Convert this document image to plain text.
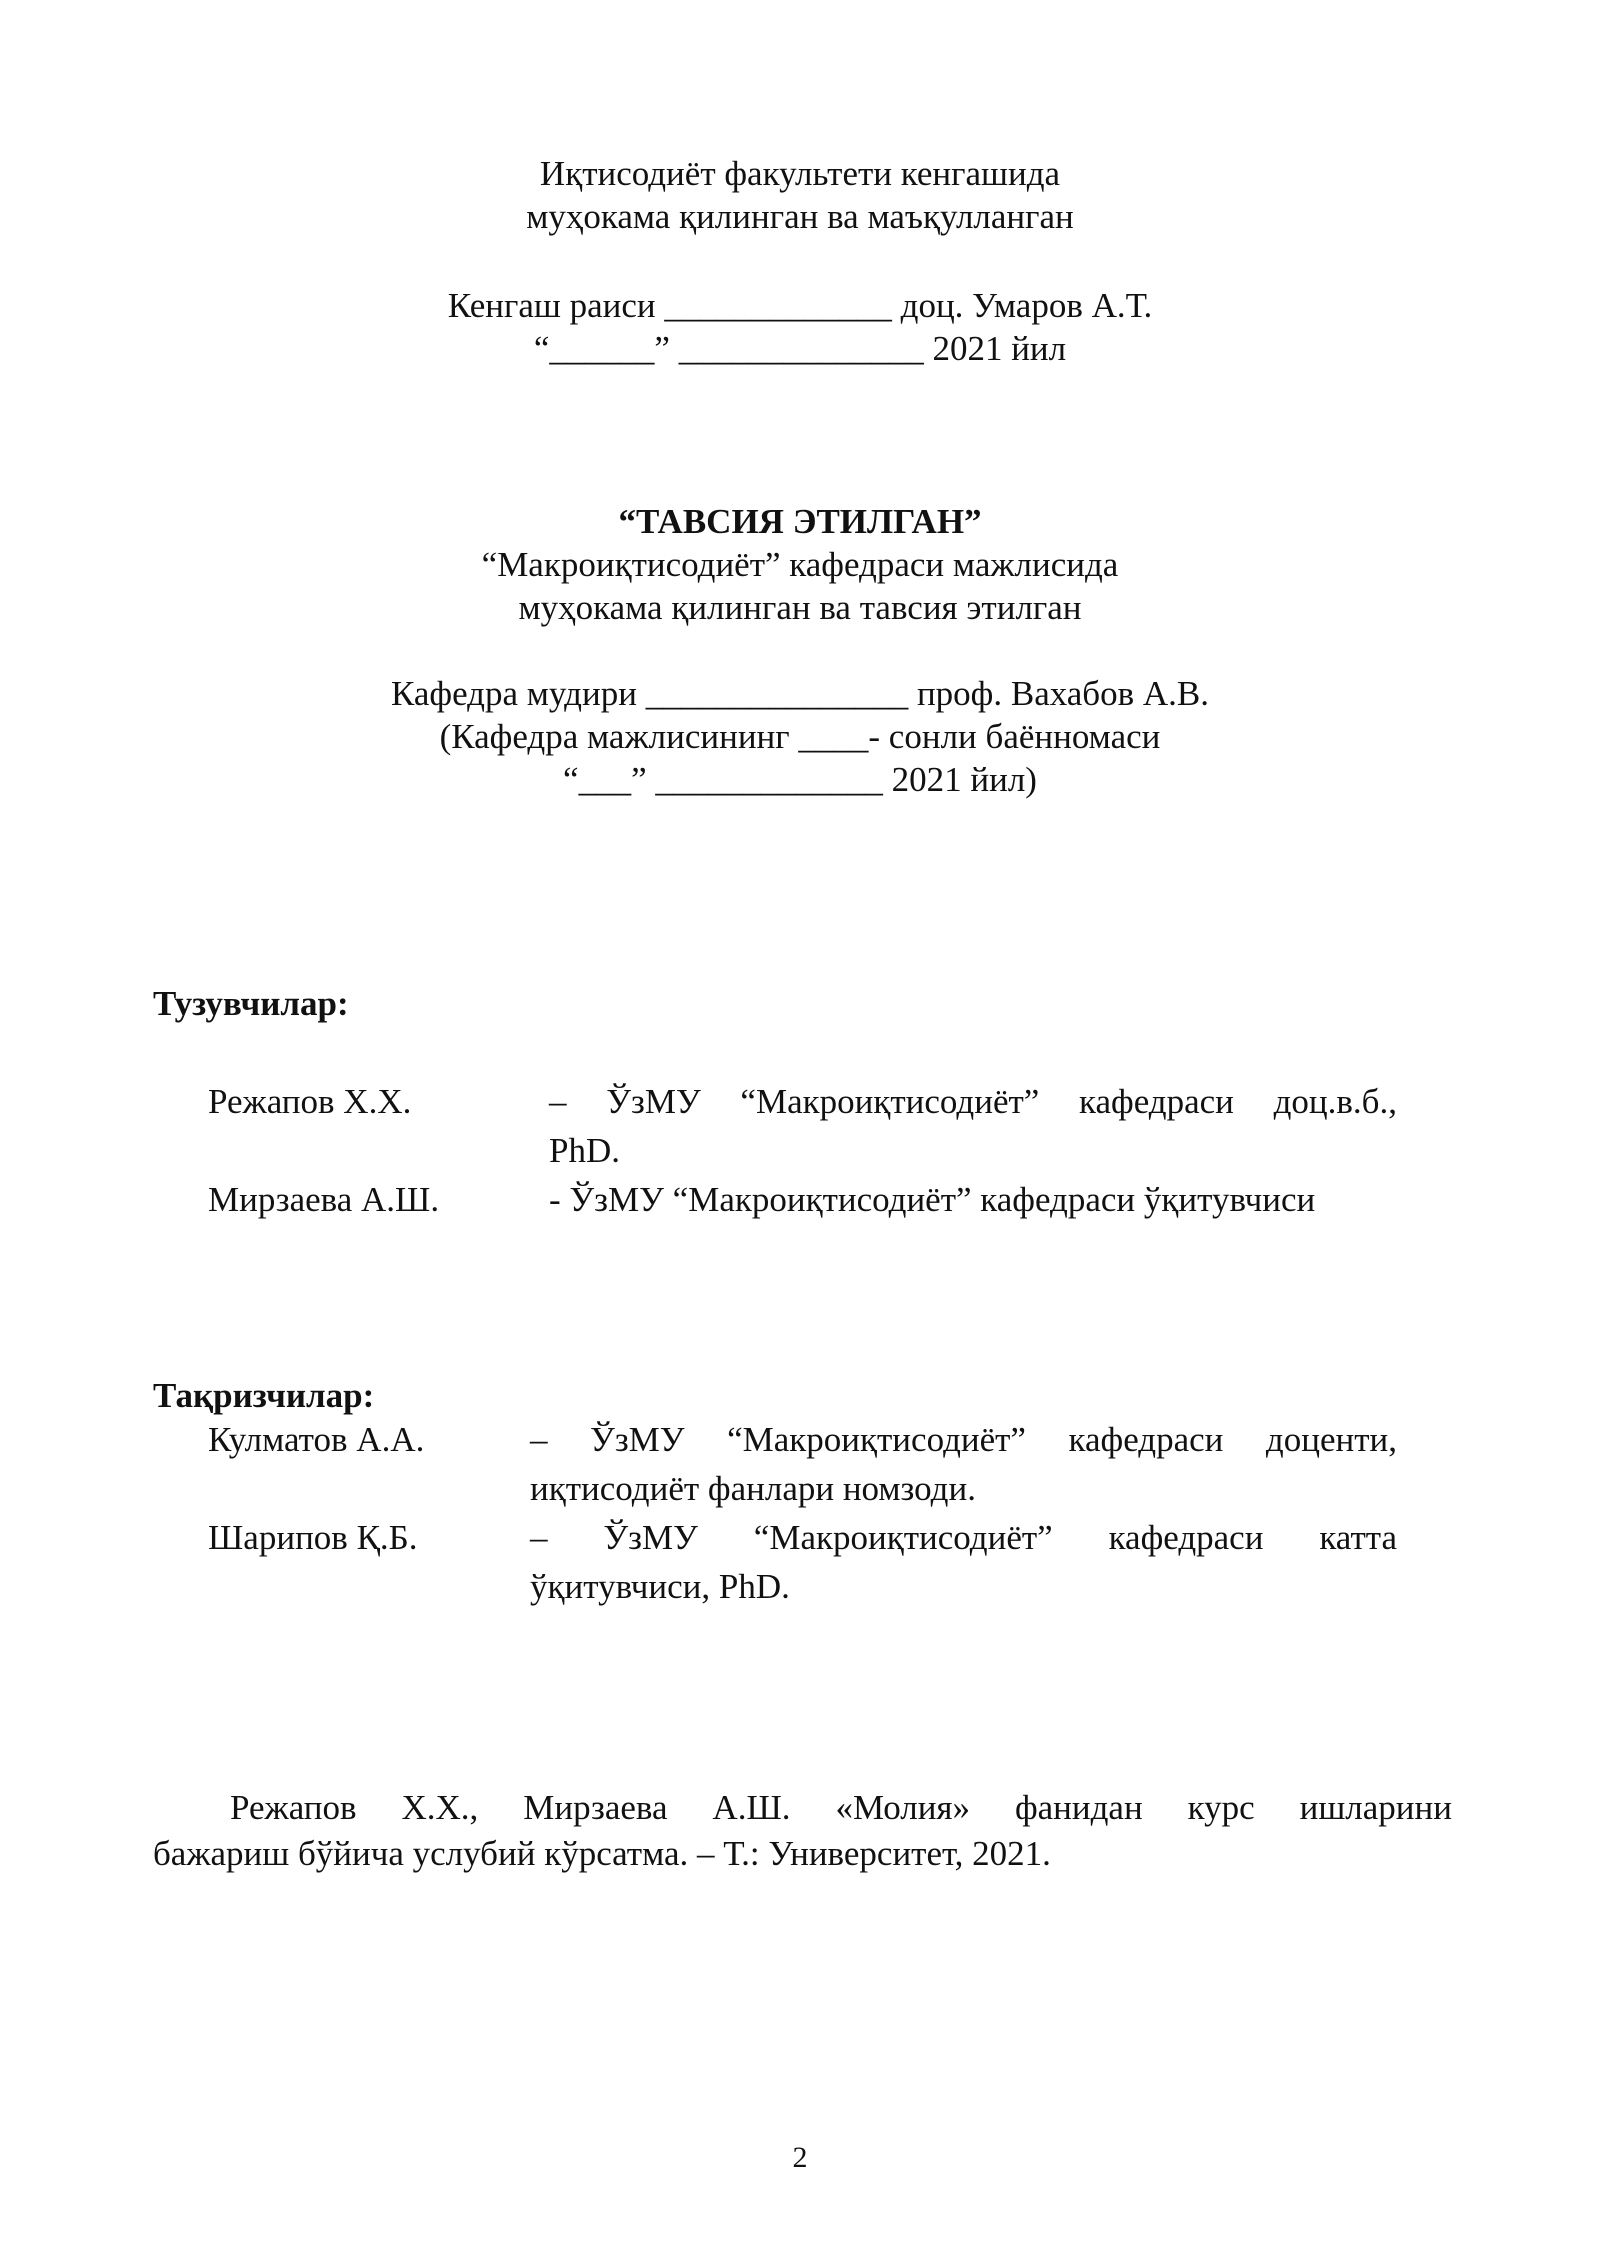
Иқтисодиёт факультети кенгашида
муҳокама қилинган ва маъқулланган
Кенгаш раиси _____________ доц. Умаров А.Т.
“______” ______________ 2021 йил
“ТАВСИЯ ЭТИЛГАН”
“Макроиқтисодиёт” кафедраси мажлисида
муҳокама қилинган ва тавсия этилган
Кафедра мудири _______________ проф. Вахабов А.В.
(Кафедра мажлисининг ____- сонли баённомаси
“___” _____________ 2021 йил)
Тузувчилар:
Режапов Х.Х.	– ЎзМУ “Макроиқтисодиёт” кафедраси доц.в.б.,
PhD.
Мирзаева А.Ш.	- ЎзМУ “Макроиқтисодиёт” кафедраси ўқитувчиси
Тақризчилар:
Кулматов А.А.	– ЎзМУ “Макроиқтисодиёт” кафедраси доценти,
иқтисодиёт фанлари номзоди.
Шарипов Қ.Б.	– ЎзМУ “Макроиқтисодиёт” кафедраси катта
ўқитувчиси, PhD.
Режапов Х.Х., Мирзаева А.Ш. «Молия» фанидан курс ишларини
бажариш бўйича услубий кўрсатма. – Т.: Университет, 2021.
2
